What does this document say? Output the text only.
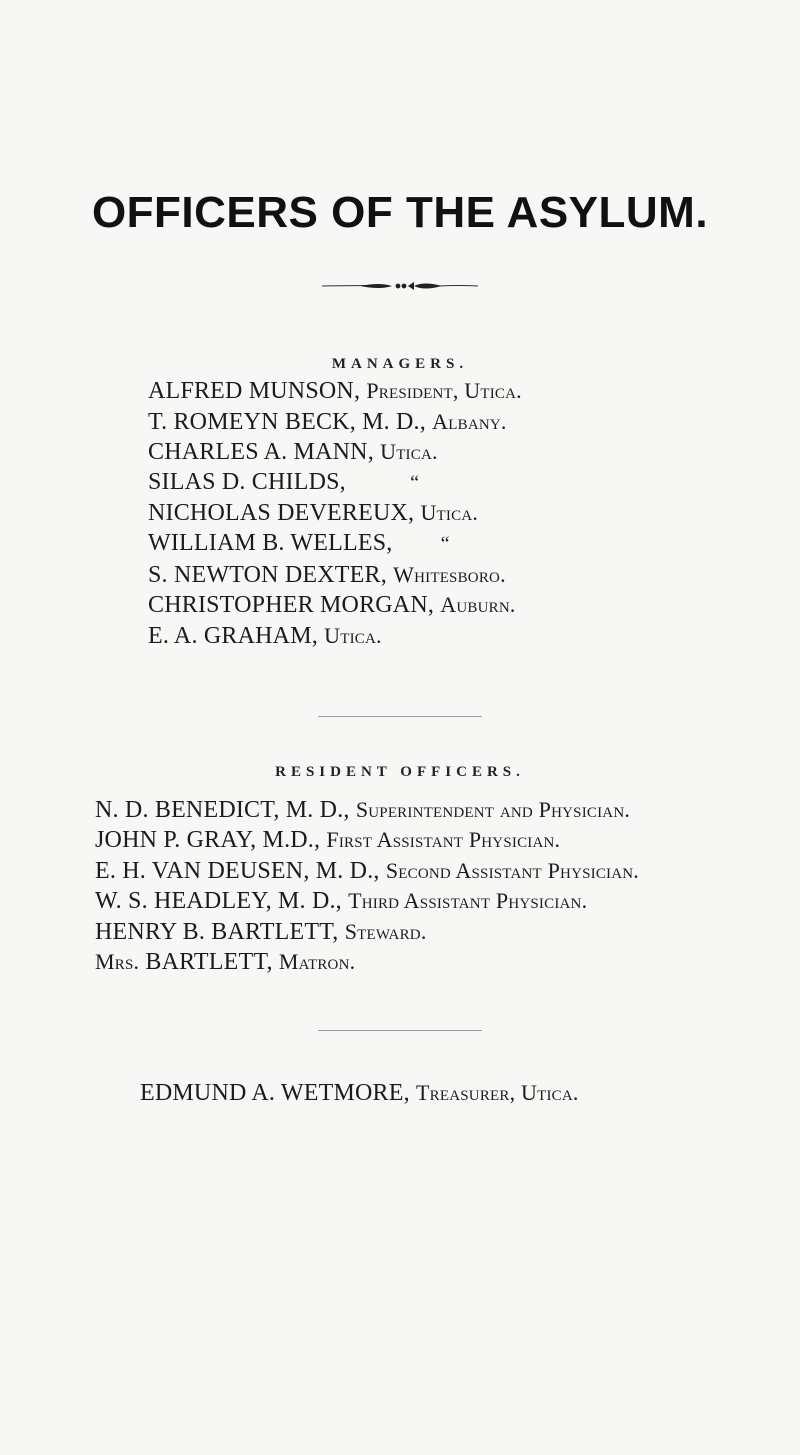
OFFICERS OF THE ASYLUM.
MANAGERS.
ALFRED MUNSON, President, Utica.
T. ROMEYN BECK, M. D., Albany.
CHARLES A. MANN, Utica.
SILAS D. CHILDS,	“
NICHOLAS DEVEREUX, Utica.
WILLIAM B. WELLES, “
S. NEWTON DEXTER, Whitesboro.
CHRISTOPHER MORGAN, Auburn.
E. A. GRAHAM, Utica.
RESIDENT OFFICERS.
N. D. BENEDICT, M. D., Superintendent and Physician.
JOHN P. GRAY, M.D., First Assistant Physician.
E. H. VAN DEUSEN, M. D., Second Assistant Physician.
W. S. HEADLEY, M. D., Third Assistant Physician.
HENRY B. BARTLETT, Steward.
Mrs. BARTLETT, Matron.

EDMUND A. WETMORE, Treasurer, Utica.
